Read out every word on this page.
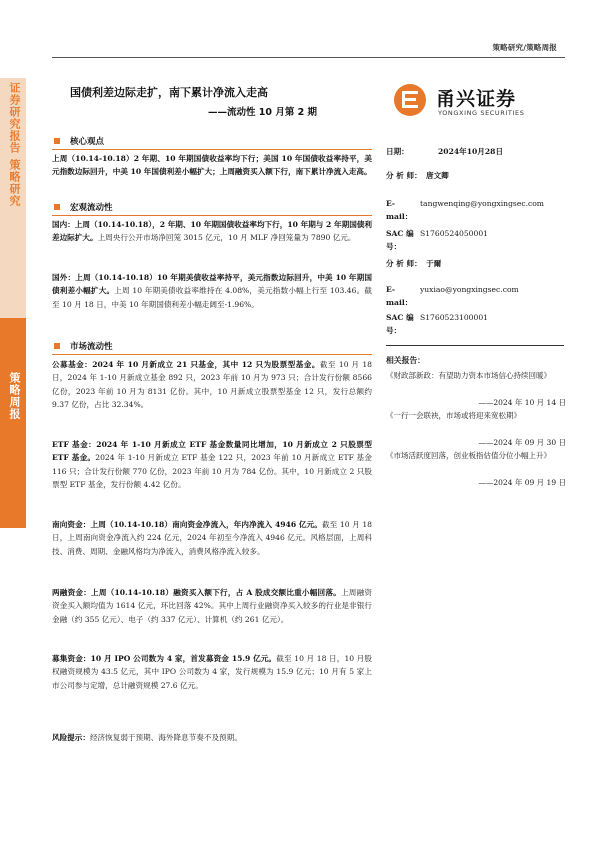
策略研究/策略周报
证券研究报告 策略研究
策略周报
国债利差边际走扩，南下累计净流入走高
——流动性 10 月第 2 期
甬兴证券
YONGXING SECURITIES
核心观点
上周（10.14-10.18）2 年期、10 年期国债收益率均下行；美国 10 年国债收益率持平，美元指数边际回升，中美 10 年国债利差小幅扩大；上周融资买入额下行，南下累计净流入走高。
宏观流动性
国内：上周（10.14-10.18），2 年期、10 年期国债收益率均下行，10 年期与 2 年期国债利差边际扩大。上周央行公开市场净回笼 3015 亿元，10 月 MLF 净回笼量为 7890 亿元。
国外：上周（10.14-10.18）10 年期美债收益率持平，美元指数边际回升，中美 10 年期国债利差小幅扩大。上周 10 年期美债收益率维持在 4.08%，美元指数小幅上行至 103.46。截至 10 月 18 日，中美 10 年期国债利差小幅走阔至-1.96%。
市场流动性
公募基金：2024 年 10 月新成立 21 只基金，其中 12 只为股票型基金。截至 10 月 18 日，2024 年 1-10 月新成立基金 892 只，2023 年前 10 月为 973 只；合计发行份额 8566 亿份，2023 年前 10 月为 8131 亿份。其中，10 月新成立股票型基金 12 只，发行总额约 9.37 亿份，占比 32.34%。
ETF 基金：2024 年 1-10 月新成立 ETF 基金数量同比增加，10 月新成立 2 只股票型 ETF 基金。2024 年 1-10 月新成立 ETF 基金 122 只，2023 年前 10 月新成立 ETF 基金 116 只；合计发行份额 770 亿份，2023 年前 10 月为 784 亿份。其中，10 月新成立 2 只股票型 ETF 基金，发行份额 4.42 亿份。
南向资金：上周（10.14-10.18）南向资金净流入，年内净流入 4946 亿元。截至 10 月 18 日，上周南向资金净流入约 224 亿元，2024 年初至今净流入 4946 亿元。风格层面，上周科技、消费、周期、金融风格均为净流入，消费风格净流入较多。
两融资金：上周（10.14-10.18）融资买入额下行，占 A 股成交额比重小幅回落。上周融资资金买入额均值为 1614 亿元，环比回落 42%。其中上周行业融资净买入较多的行业是非银行金融（约 355 亿元）、电子（约 337 亿元）、计算机（约 261 亿元）。
募集资金：10 月 IPO 公司数为 4 家，首发募资金 15.9 亿元。截至 10 月 18 日，10 月股权融资规模为 43.5 亿元，其中 IPO 公司数为 4 家，发行规模为 15.9 亿元；10 月有 5 家上市公司参与定增，总计融资规模 27.6 亿元。
风险提示：经济恢复弱于预期、海外降息节奏不及预期。
日期：	2024年10月28日
分 析 师： 唐文卿
E-mail：
tangwenqing@yongxingsec.com
SAC 编号：
S1760524050001
分 析 师： 于爾
E-mail：
yuxiao@yongxingsec.com
SAC 编号：
S1760523100001
相关报告：
《财政部新政：有望助力资本市场信心持续回暖》
——2024 年 10 月 14 日
《一行一会联袂，市场或将迎来宽松期》
——2024 年 09 月 30 日
《市场活跃度回落，创业板指估值分位小幅上升》
——2024 年 09 月 19 日
